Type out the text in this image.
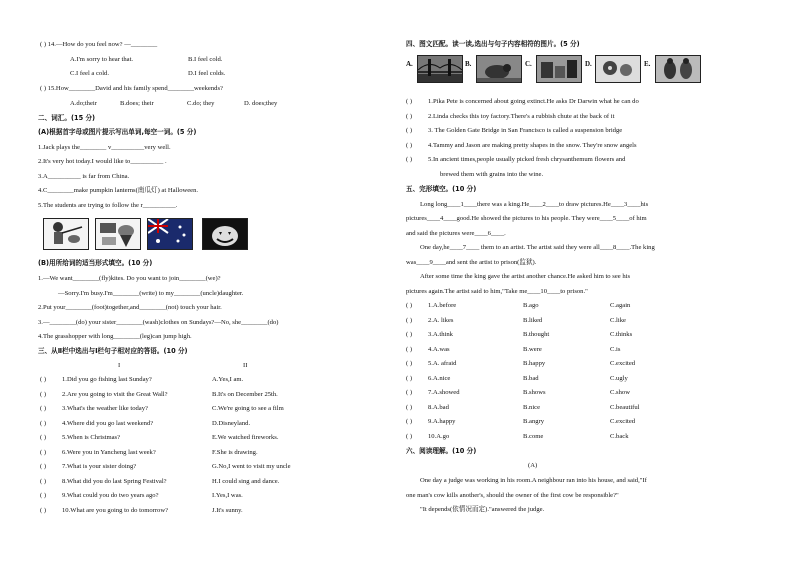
( ) 14.—How do you feel now? —________
A.I'm sorry to hear that.	B.I feel cold.
C.I feel a cold.	D.I feel colds.
( ) 15.How________David and his family spend________weekends?
A.do;their	B.does; their	C.do; they	D. does;they
二、词汇。(15 分)
(A)根据首字母或图片提示写出单词,每空一词。(5 分)
1.Jack plays the________ v__________very well.
2.It's very hot today.I would like to__________ .
3.A__________ is far from China.
4.C________make pumpkin lanterns(南瓜灯) at Halloween.
5.The students are trying to follow the r__________.
(B)用所给词的适当形式填空。(10 分)
1.—We want________(fly)kites. Do you want to join________(we)?
—Sorry.I'm busy.I'm________(write) to my________(uncle)daughter.
2.Put your________(foot)together,and________(not) touch your hair.
3.—________(do) your sister________(wash)clothes on Sundays?—No, she________(do)
4.The grasshopper with long________(leg)can jump high.
三、从Ⅱ栏中选出与Ⅰ栏句子相对应的答语。(10 分)
I	II
( ) 1.Did you go fishing last Sunday?	A.Yes,I am.
( ) 2.Are you going to visit the Great Wall?	B.It's on December 25th.
( ) 3.What's the weather like today?	C.We're going to see a film
( ) 4.Where did you go last weekend?	D.Disneyland.
( ) 5.When is Christmas?	E.We watched fireworks.
( ) 6.Were you in Yancheng last week?	F.She is drawing.
( ) 7.What is your sister doing?	G.No,I went to visit my uncle
( ) 8.What did you do last Spring Festival?	H.I could sing and dance.
( ) 9.What could you do two years ago?	I.Yes,I was.
( ) 10.What are you going to do tomorrow?	J.It's sunny.
四、图文匹配。读一读,选出与句子内容相符的图片。(5 分)
A.	B.	C.	D.	E.
( ) 1.Pika Pete is concerned about going extinct.He asks Dr Darwin what he can do
( ) 2.Linda checks this toy factory.There's a rubbish chute at the back of it
( ) 3. The Golden Gate Bridge in San Francisco is called a suspension bridge
( ) 4.Tammy and Jason are making pretty shapes in the snow. They're snow angels
( ) 5.In ancient times,people usually picked fresh chrysanthemum flowers and
brewed them with grains into the wine.
五、完形填空。(10 分)
Long long____1____there was a king.He____2____to draw pictures.He____3____his
pictures____4____good.He showed the pictures to his people. They were____5____of him
and said the pictures were____6____.
One day,he____7____ them to an artist. The artist said they were all____8____.The king
was____9____and sent the artist to prison(监狱).
After some time the king gave the artist another chance.He asked him to see his
pictures again.The artist said to him,"Take me____10____to prison."
( ) 1.A.before	B.ago	C.again
( ) 2.A. likes	B.liked	C.like
( ) 3.A.think	B.thought	C.thinks
( ) 4.A.was	B.were	C.is
( ) 5.A. afraid	B.happy	C.excited
( ) 6.A.nice	B.bad	C.ugly
( ) 7.A.showed	B.shows	C.show
( ) 8.A.bad	B.nice	C.beautiful
( ) 9.A.happy	B.angry	C.excited
( ) 10.A.go	B.come	C.back
六、阅读理解。(10 分)
(A)
One day a judge was working in his room.A neighbour ran into his house, and said,"If
one man's cow kills another's, should the owner of the first cow be responsible?"
"It depends(依情况而定)."answered the judge.
